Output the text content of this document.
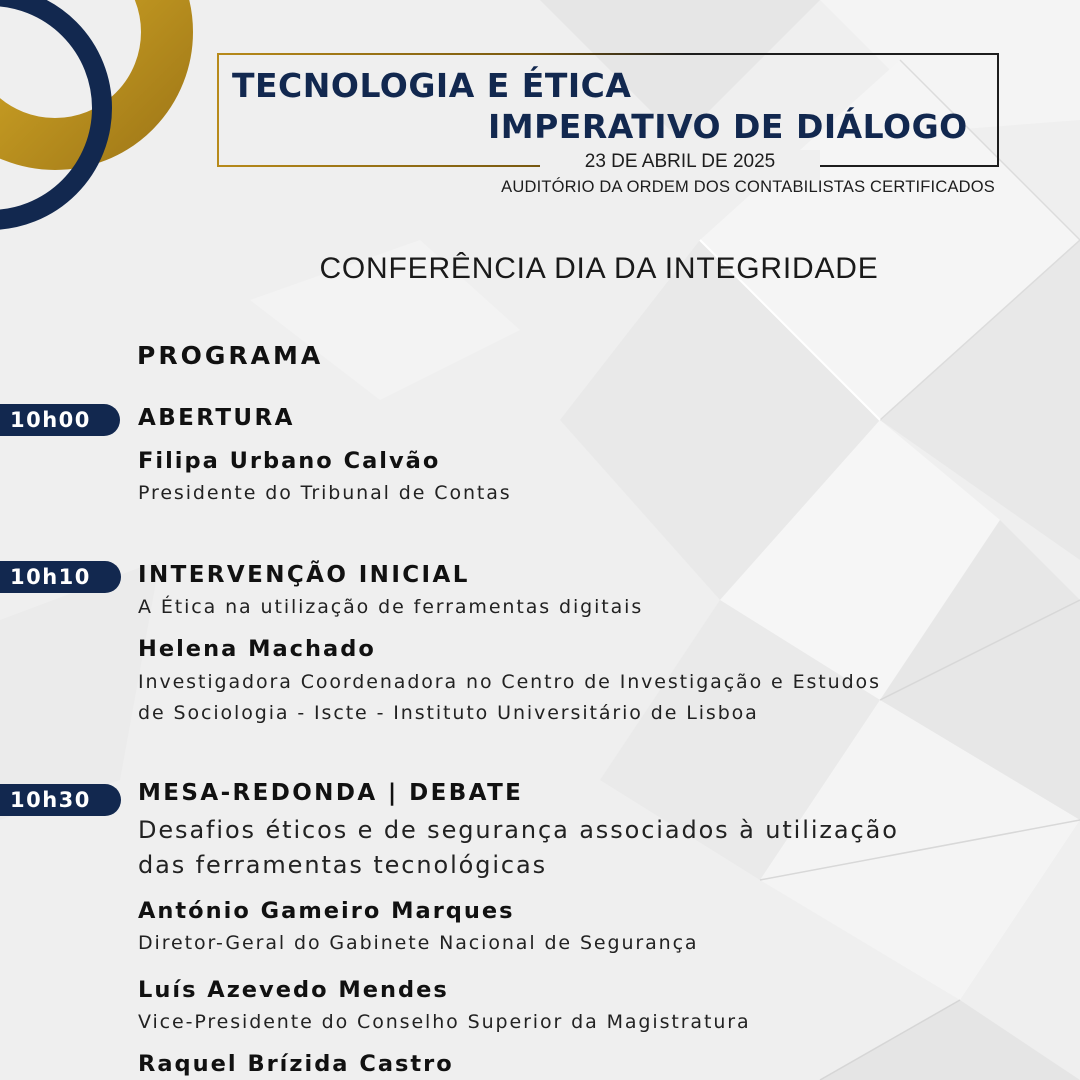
TECNOLOGIA E ÉTICA
IMPERATIVO DE DIÁLOGO
23 DE ABRIL DE 2025
AUDITÓRIO DA ORDEM DOS CONTABILISTAS CERTIFICADOS
CONFERÊNCIA DIA DA INTEGRIDADE
PROGRAMA
10h00	ABERTURA

Filipa Urbano Calvão

Presidente do Tribunal de Contas

10h10	INTERVENÇÃO INICIAL

A Ética na utilização de ferramentas digitais

Helena Machado

Investigadora Coordenadora no Centro de Investigação e Estudos

de Sociologia - Iscte - Instituto Universitário de Lisboa

10h30	MESA-REDONDA | DEBATE

Desafios éticos e de segurança associados à utilização

das ferramentas tecnológicas

António Gameiro Marques

Diretor-Geral do Gabinete Nacional de Segurança

Luís Azevedo Mendes

Vice-Presidente do Conselho Superior da Magistratura

Raquel Brízida Castro
